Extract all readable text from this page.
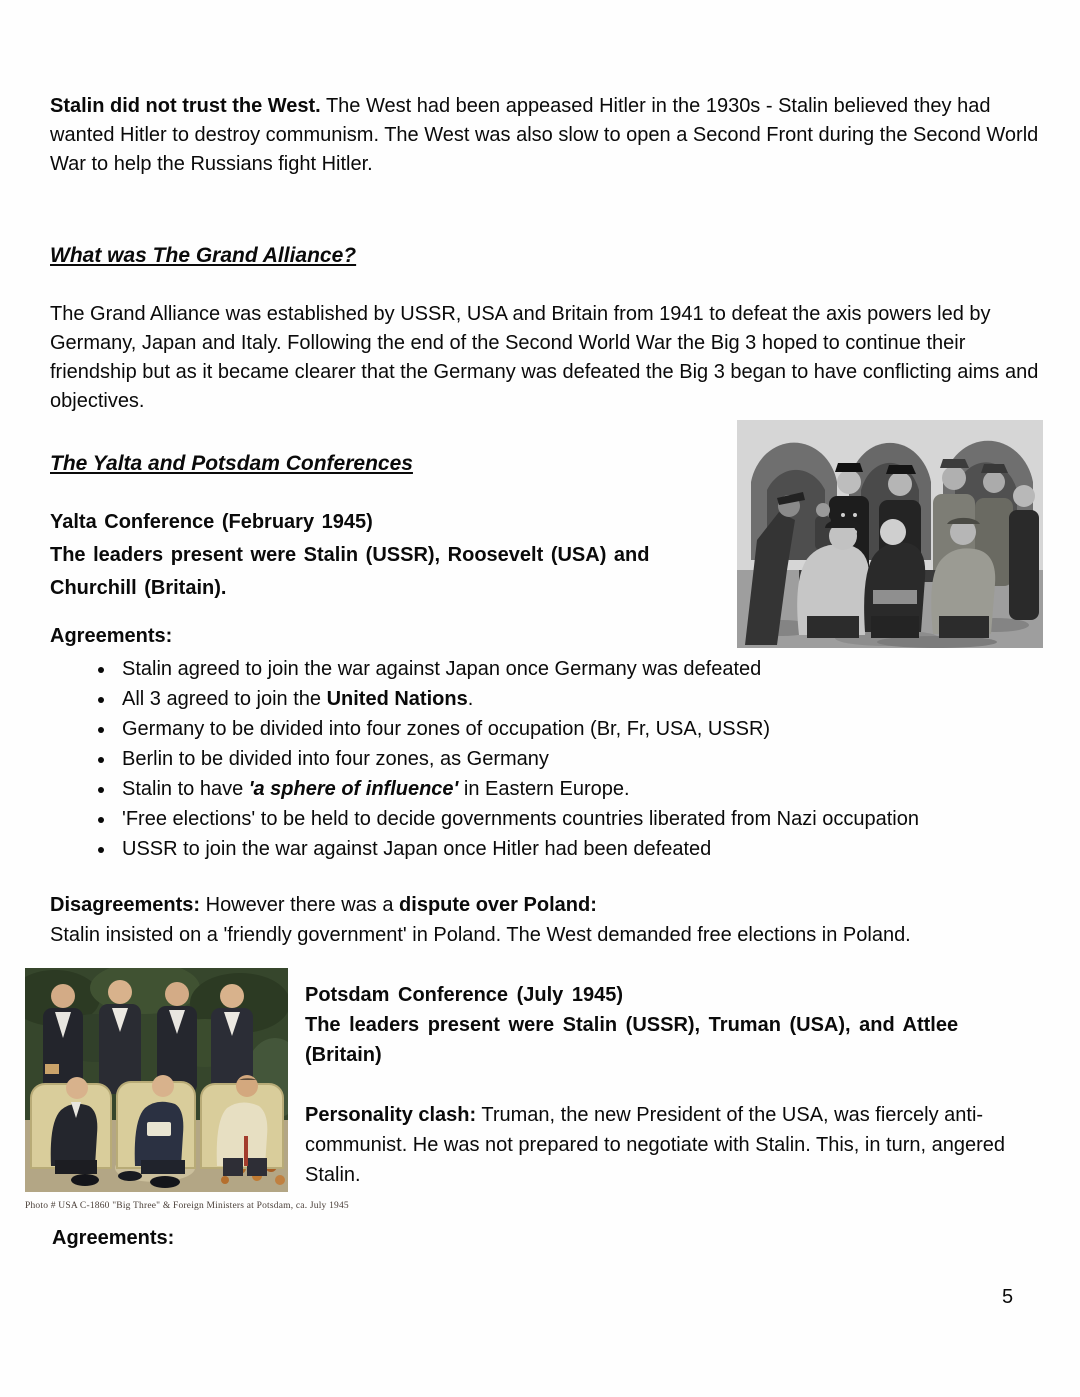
Stalin did not trust the West. The West had been appeased Hitler in the 1930s - Stalin believed they had wanted Hitler to destroy communism. The West was also slow to open a Second Front during the Second World War to help the Russians fight Hitler.

What was The Grand Alliance?

The Grand Alliance was established by USSR, USA and Britain from 1941 to defeat the axis powers led by Germany, Japan and Italy. Following the end of the Second World War the Big 3 hoped to continue their friendship but as it became clearer that the Germany was defeated the Big 3 began to have conflicting aims and objectives.

The Yalta and Potsdam Conferences
Yalta Conference (February 1945)
The leaders present were Stalin (USSR), Roosevelt (USA) and Churchill (Britain).
Agreements:
• Stalin agreed to join the war against Japan once Germany was defeated
• All 3 agreed to join the United Nations.
• Germany to be divided into four zones of occupation (Br, Fr, USA, USSR)
• Berlin to be divided into four zones, as Germany
• Stalin to have 'a sphere of influence' in Eastern Europe.
• 'Free elections' to be held to decide governments countries liberated from Nazi occupation
• USSR to join the war against Japan once Hitler had been defeated

Disagreements: However there was a dispute over Poland:
Stalin insisted on a 'friendly government' in Poland. The West demanded free elections in Poland.

Photo # USA C-1860 "Big Three" & Foreign Ministers at Potsdam, ca. July 1945
Potsdam Conference (July 1945)
The leaders present were Stalin (USSR), Truman (USA), and Attlee (Britain)

Personality clash: Truman, the new President of the USA, was fiercely anti-communist. He was not prepared to negotiate with Stalin. This, in turn, angered Stalin.

Agreements:
5
